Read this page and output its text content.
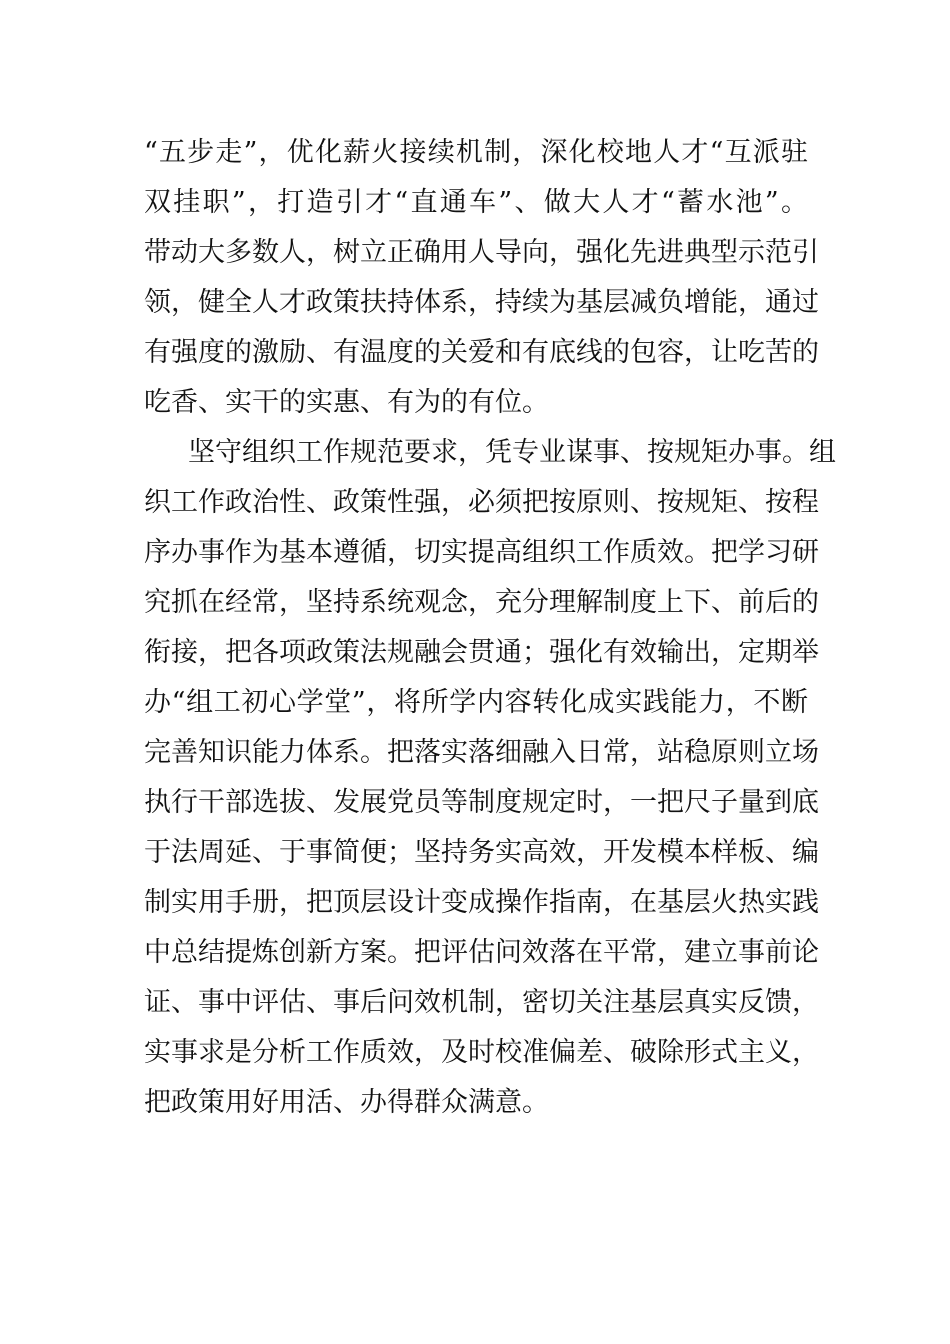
“五步走”，优化薪火接续机制，深化校地人才“互派驻
双挂职”，打造引才“直通车”、做大人才“蓄水池”。
带动大多数人，树立正确用人导向，强化先进典型示范引
领，健全人才政策扶持体系，持续为基层减负增能，通过
有强度的激励、有温度的关爱和有底线的包容，让吃苦的
吃香、实干的实惠、有为的有位。
坚守组织工作规范要求，凭专业谋事、按规矩办事。组
织工作政治性、政策性强，必须把按原则、按规矩、按程
序办事作为基本遵循，切实提高组织工作质效。把学习研
究抓在经常，坚持系统观念，充分理解制度上下、前后的
衔接，把各项政策法规融会贯通；强化有效输出，定期举
办“组工初心学堂”，将所学内容转化成实践能力，不断
完善知识能力体系。把落实落细融入日常，站稳原则立场
执行干部选拔、发展党员等制度规定时，一把尺子量到底
于法周延、于事简便；坚持务实高效，开发模本样板、编
制实用手册，把顶层设计变成操作指南，在基层火热实践
中总结提炼创新方案。把评估问效落在平常，建立事前论
证、事中评估、事后问效机制，密切关注基层真实反馈，
实事求是分析工作质效，及时校准偏差、破除形式主义，
把政策用好用活、办得群众满意。
